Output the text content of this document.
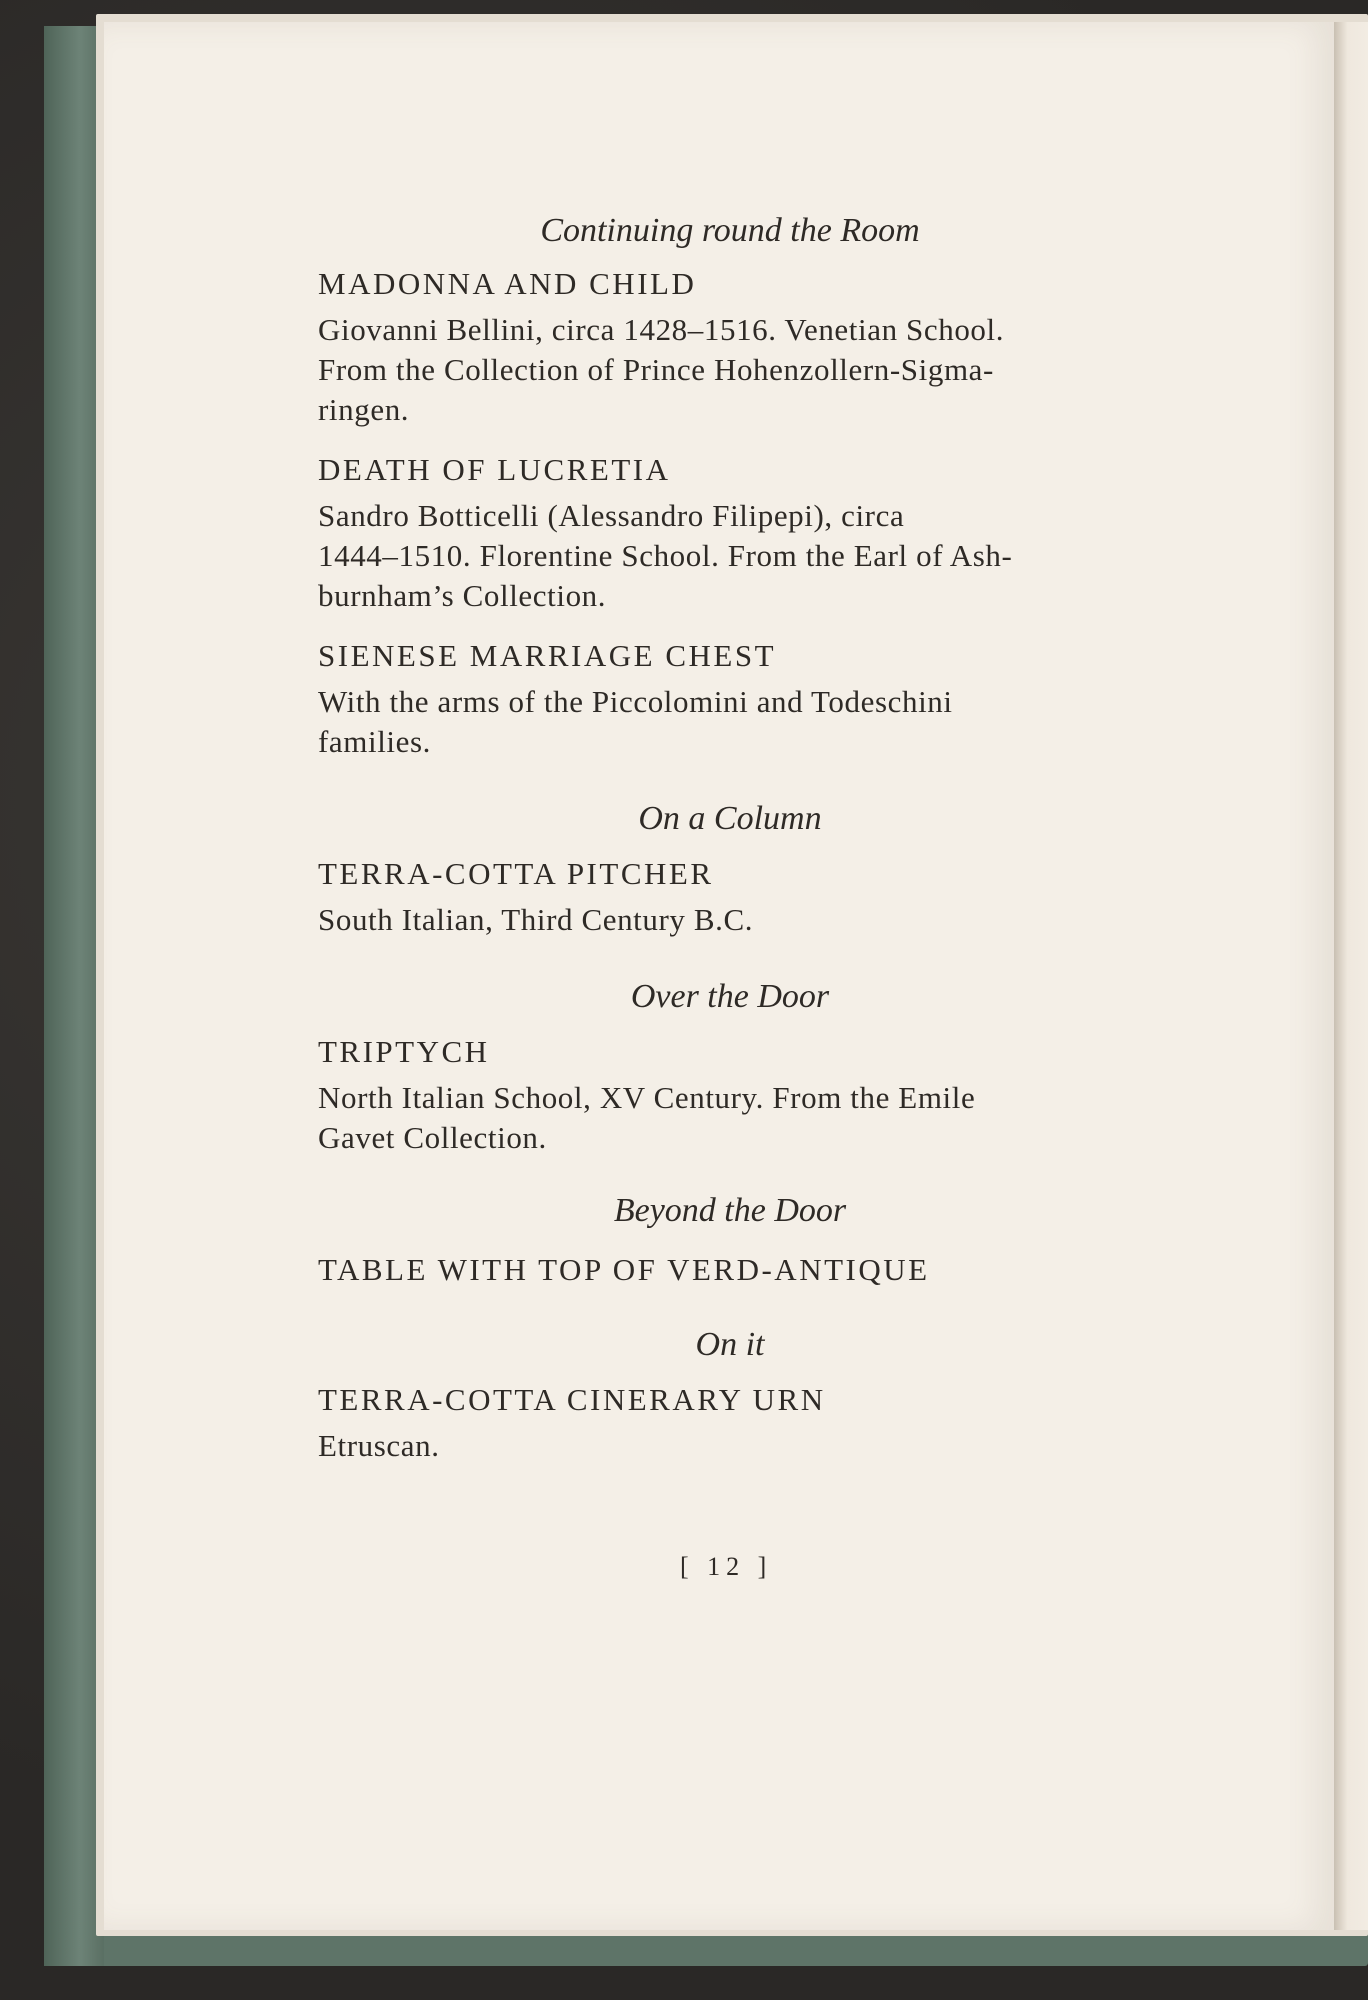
Continuing round the Room

MADONNA AND CHILD

Giovanni Bellini, circa 1428–1516. Venetian School.

From the Collection of Prince Hohenzollern-Sigma-

ringen.

DEATH OF LUCRETIA

Sandro Botticelli (Alessandro Filipepi), circa

1444–1510. Florentine School. From the Earl of Ash-

burnham’s Collection.

SIENESE MARRIAGE CHEST

With the arms of the Piccolomini and Todeschini

families.

On a Column

TERRA-COTTA PITCHER

South Italian, Third Century B.C.

Over the Door

TRIPTYCH

North Italian School, XV Century. From the Emile

Gavet Collection.

Beyond the Door

TABLE WITH TOP OF VERD-ANTIQUE

On it

TERRA-COTTA CINERARY URN

Etruscan.

[ 12 ]
